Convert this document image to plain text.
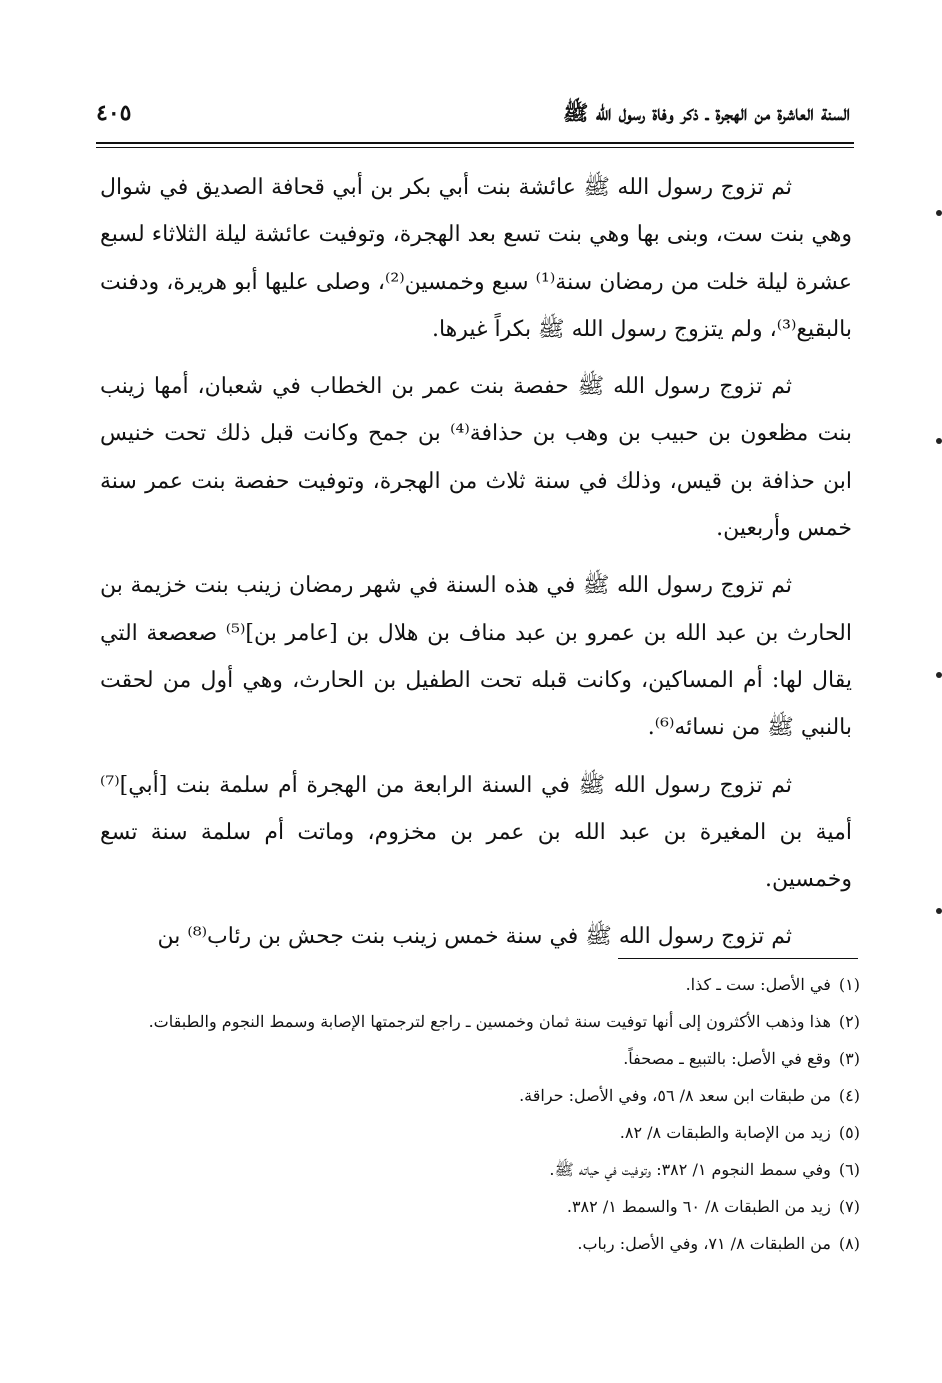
السنة العاشرة من الهجرة ـ ذكر وفاة رسول الله ﷺ
٤٠٥

ثم تزوج رسول الله ﷺ عائشة بنت أبي بكر بن أبي قحافة الصديق في شوال وهي بنت ست، وبنى بها وهي بنت تسع بعد الهجرة، وتوفيت عائشة ليلة الثلاثاء لسبع عشرة ليلة خلت من رمضان سنة⁽¹⁾ سبع وخمسين⁽²⁾، وصلى عليها أبو هريرة، ودفنت بالبقيع⁽³⁾، ولم يتزوج رسول الله ﷺ بكراً غيرها.

ثم تزوج رسول الله ﷺ حفصة بنت عمر بن الخطاب في شعبان، أمها زينب بنت مظعون بن حبيب بن وهب بن حذافة⁽⁴⁾ بن جمح وكانت قبل ذلك تحت خنيس ابن حذافة بن قيس، وذلك في سنة ثلاث من الهجرة، وتوفيت حفصة بنت عمر سنة خمس وأربعين.

ثم تزوج رسول الله ﷺ في هذه السنة في شهر رمضان زينب بنت خزيمة بن الحارث بن عبد الله بن عمرو بن عبد مناف بن هلال بن [عامر بن]⁽⁵⁾ صعصعة التي يقال لها: أم المساكين، وكانت قبله تحت الطفيل بن الحارث، وهي أول من لحقت بالنبي ﷺ من نسائه⁽⁶⁾.

ثم تزوج رسول الله ﷺ في السنة الرابعة من الهجرة أم سلمة بنت [أبي]⁽⁷⁾ أمية بن المغيرة بن عبد الله بن عمر بن مخزوم، وماتت أم سلمة سنة تسع وخمسين.

ثم تزوج رسول الله ﷺ في سنة خمس زينب بنت جحش بن رئاب⁽⁸⁾ بن

(١)
في الأصل: ست ـ كذا.
(٢)
هذا وذهب الأكثرون إلى أنها توفيت سنة ثمان وخمسين ـ راجع لترجمتها الإصابة وسمط النجوم والطبقات.
(٣)
وقع في الأصل: بالتبيع ـ مصحفاً.
(٤)
من طبقات ابن سعد ٨/ ٥٦، وفي الأصل: حراقة.
(٥)
زيد من الإصابة والطبقات ٨/ ٨٢.
(٦)
وفي سمط النجوم ١/ ٣٨٢: وتوفيت في حياته ﷺ.
(٧)
زيد من الطبقات ٨/ ٦٠ والسمط ١/ ٣٨٢.
(٨)
من الطبقات ٨/ ٧١، وفي الأصل: رباب.
